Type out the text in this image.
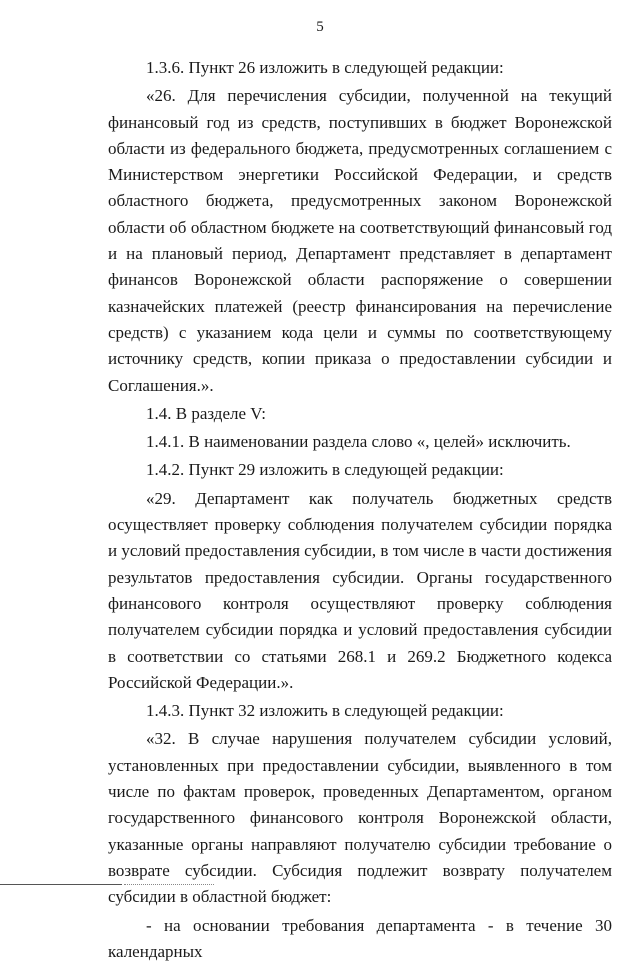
5

1.3.6. Пункт 26 изложить в следующей редакции:

«26. Для перечисления субсидии, полученной на текущий финансовый год из средств, поступивших в бюджет Воронежской области из федерального бюджета, предусмотренных соглашением с Министерством энергетики Российской Федерации, и средств областного бюджета, предусмотренных законом Воронежской области об областном бюджете на соответствующий финансовый год и на плановый период, Департамент представляет в департамент финансов Воронежской области распоряжение о совершении казначейских платежей (реестр финансирования на перечисление средств) с указанием кода цели и суммы по соответствующему источнику средств, копии приказа о предоставлении субсидии и Соглашения.».

1.4. В разделе V:

1.4.1. В наименовании раздела слово «, целей» исключить.

1.4.2. Пункт 29 изложить в следующей редакции:

«29. Департамент как получатель бюджетных средств осуществляет проверку соблюдения получателем субсидии порядка и условий предоставления субсидии, в том числе в части достижения результатов предоставления субсидии. Органы государственного финансового контроля осуществляют проверку соблюдения получателем субсидии порядка и условий предоставления субсидии в соответствии со статьями 268.1 и 269.2 Бюджетного кодекса Российской Федерации.».

1.4.3. Пункт 32 изложить в следующей редакции:

«32. В случае нарушения получателем субсидии условий, установленных при предоставлении субсидии, выявленного в том числе по фактам проверок, проведенных Департаментом, органом государственного финансового контроля Воронежской области, указанные органы направляют получателю субсидии требование о возврате субсидии. Субсидия подлежит возврату получателем субсидии в областной бюджет:

- на основании требования департамента - в течение 30 календарных
